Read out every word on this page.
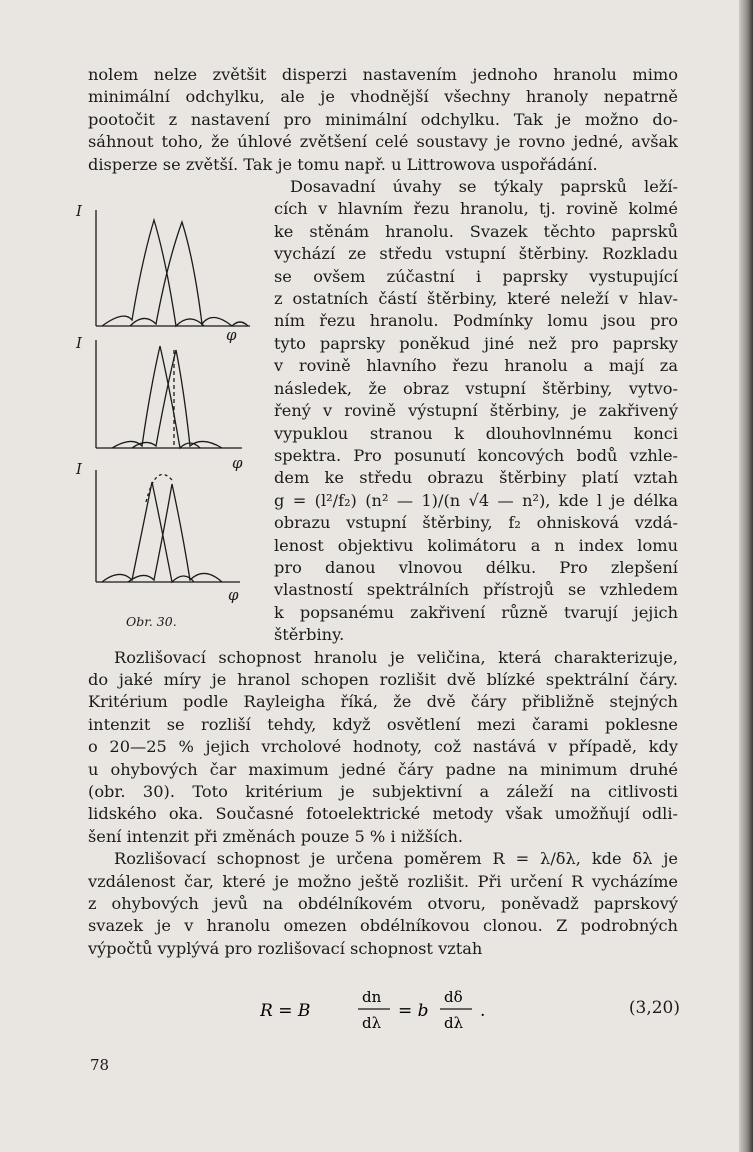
nolem nelze zvětšit disperzi nastavením jednoho hranolu mimo
minimální odchylku, ale je vhodnější všechny hranoly nepatrně
pootočit z nastavení pro minimální odchylku. Tak je možno do-
sáhnout toho, že úhlové zvětšení celé soustavy je rovno jedné, avšak
disperze se zvětší. Tak je tomu např. u Littrowova uspořádání.
Dosavadní úvahy se týkaly paprsků leží-
cích v hlavním řezu hranolu, tj. rovině kolmé
ke stěnám hranolu. Svazek těchto paprsků
vychází ze středu vstupní štěrbiny. Rozkladu
se ovšem zúčastní i paprsky vystupující
z ostatních částí štěrbiny, které neleží v hlav-
ním řezu hranolu. Podmínky lomu jsou pro
tyto paprsky poněkud jiné než pro paprsky
v rovině hlavního řezu hranolu a mají za
následek, že obraz vstupní štěrbiny, vytvo-
řený v rovině výstupní štěrbiny, je zakřivený
vypuklou stranou k dlouhovlnnému konci
spektra. Pro posunutí koncových bodů vzhle-
dem ke středu obrazu štěrbiny platí vztah
g = (l²/f₂) (n² — 1)/(n √4 — n²), kde l je délka
obrazu vstupní štěrbiny, f₂ ohnisková vzdá-
lenost objektivu kolimátoru a n index lomu
pro danou vlnovou délku. Pro zlepšení
vlastností spektrálních přístrojů se vzhledem
k popsanému zakřivení různě tvarují jejich
štěrbiny.
Rozlišovací schopnost hranolu je veličina, která charakterizuje,
do jaké míry je hranol schopen rozlišit dvě blízké spektrální čáry.
Kritérium podle Rayleigha říká, že dvě čáry přibližně stejných
intenzit se rozliší tehdy, když osvětlení mezi čarami poklesne
o 20—25 % jejich vrcholové hodnoty, což nastává v případě, kdy
u ohybových čar maximum jedné čáry padne na minimum druhé
(obr. 30). Toto kritérium je subjektivní a záleží na citlivosti
lidského oka. Současné fotoelektrické metody však umožňují odli-
šení intenzit při změnách pouze 5 % i nižších.
Rozlišovací schopnost je určena poměrem R = λ/δλ, kde δλ je
vzdálenost čar, které je možno ještě rozlišit. Při určení R vycházíme
z ohybových jevů na obdélníkovém otvoru, poněvadž paprskový
svazek je v hranolu omezen obdélníkovou clonou. Z podrobných
výpočtů vyplývá pro rozlišovací schopnost vztah
I
φ
I
φ
I
φ
Obr. 30.
R = B
dn
dλ
= b
dδ
dλ
.	(3,20)
78
